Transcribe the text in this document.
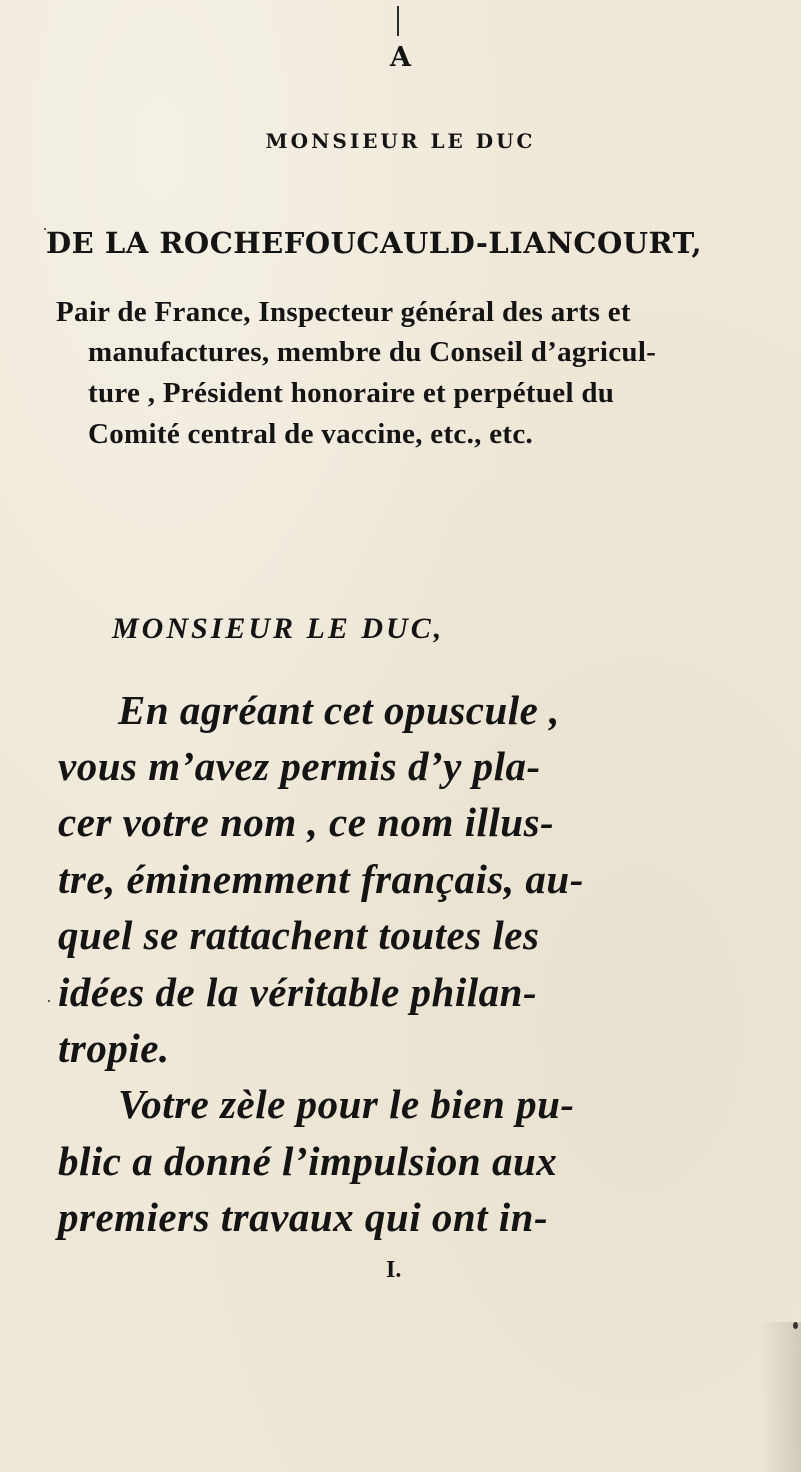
A

MONSIEUR LE DUC

DE LA ROCHEFOUCAULD-LIANCOURT,

Pair de France, Inspecteur général des arts et

manufactures, membre du Conseil d’agricul-

ture , Président honoraire et perpétuel du

Comité central de vaccine, etc., etc.

MONSIEUR LE DUC,

En agréant cet opuscule ,

vous m’avez permis d’y pla-

cer votre nom , ce nom illus-

tre, éminemment français, au-

quel se rattachent toutes les

idées de la véritable philan-

tropie.

Votre zèle pour le bien pu-

blic a donné l’impulsion aux

premiers travaux qui ont in-

I.
